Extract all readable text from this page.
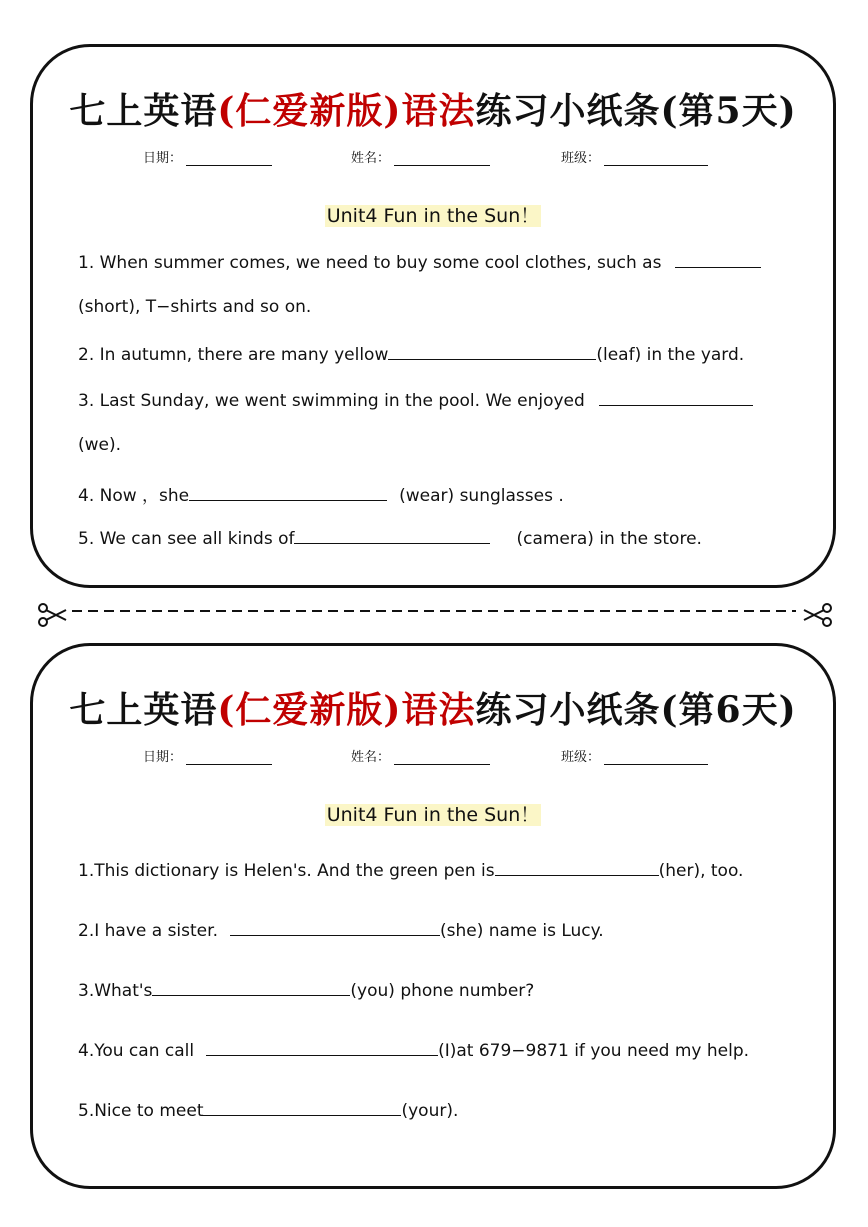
七上英语(仁爱新版)语法练习小纸条(第5天)
日期：	姓名：	班级：
Unit4 Fun in the Sun！
1. When summer comes, we need to buy some cool clothes, such as
(short), T−shirts and so on.
2. In autumn, there are many yellow	(leaf) in the yard.
3. Last Sunday, we went swimming in the pool. We enjoyed
(we).
4. Now ，she	(wear) sunglasses .
5. We can see all kinds of	(camera) in the store.
七上英语(仁爱新版)语法练习小纸条(第6天)
日期：	姓名：	班级：
Unit4 Fun in the Sun！
1.This dictionary is Helen's. And the green pen is	(her), too.
2.I have a sister.	(she) name is Lucy.
3.What's	(you) phone number?
4.You can call	(I)at 679−9871 if you need my help.
5.Nice to meet	(your).
